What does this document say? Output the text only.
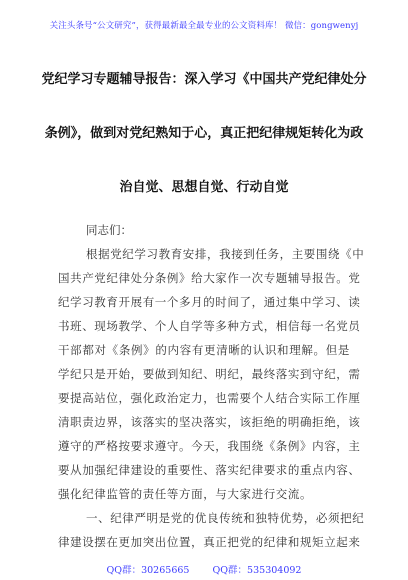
关注头条号“公文研究”，获得最新最全最专业的公文资料库！ 微信：gongwenyj
党纪学习专题辅导报告：深入学习《中国共产党纪律处分
条例》，做到对党纪熟知于心，真正把纪律规矩转化为政
治自觉、思想自觉、行动自觉
同志们：
根据党纪学习教育安排，我接到任务，主要围绕《中
国共产党纪律处分条例》给大家作一次专题辅导报告。党
纪学习教育开展有一个多月的时间了，通过集中学习、读
书班、现场教学、个人自学等多种方式，相信每一名党员
干部都对《条例》的内容有更清晰的认识和理解。但是
学纪只是开始，要做到知纪、明纪，最终落实到守纪，需
要提高站位，强化政治定力，也需要个人结合实际工作厘
清职责边界，该落实的坚决落实，该拒绝的明确拒绝，该
遵守的严格按要求遵守。今天，我围绕《条例》内容，主
要从加强纪律建设的重要性、落实纪律要求的重点内容、
强化纪律监管的责任等方面，与大家进行交流。
一、纪律严明是党的优良传统和独特优势，必须把纪
律建设摆在更加突出位置，真正把党的纪律和规矩立起来
QQ群：30265665 QQ群：535304092
